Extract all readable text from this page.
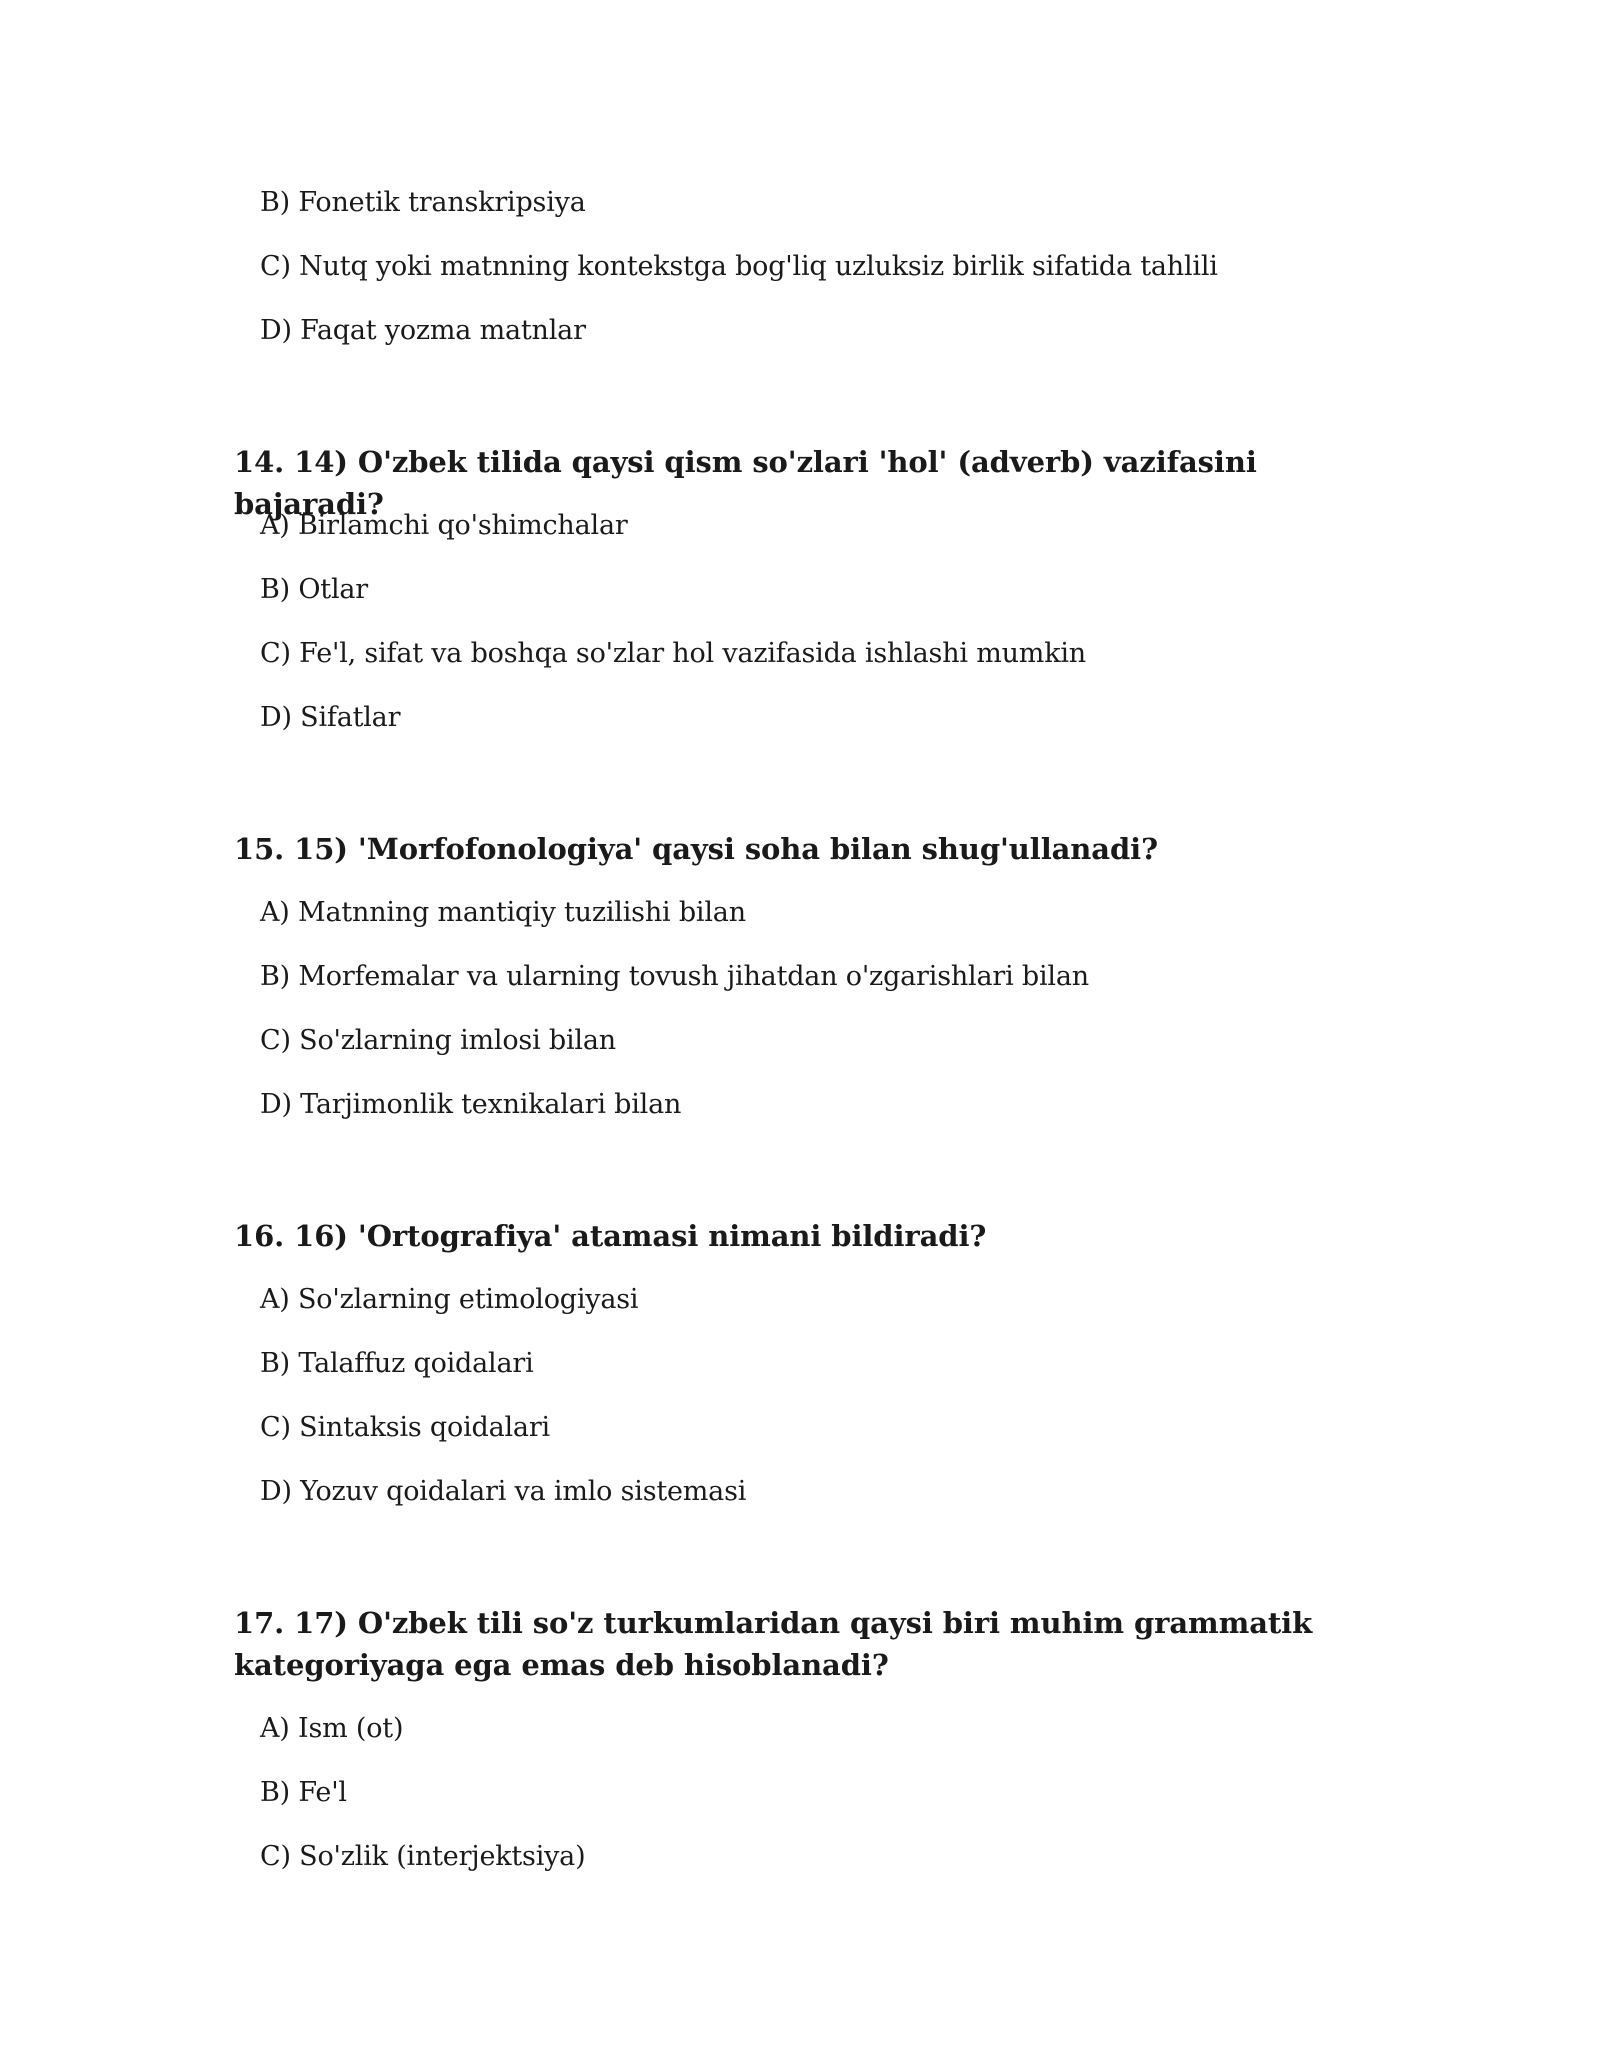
B) Fonetik transkripsiya
C) Nutq yoki matnning kontekstga bog'liq uzluksiz birlik sifatida tahlili
D) Faqat yozma matnlar
14. 14) O'zbek tilida qaysi qism so'zlari 'hol' (adverb) vazifasini bajaradi?
A) Birlamchi qo'shimchalar
B) Otlar
C) Fe'l, sifat va boshqa so'zlar hol vazifasida ishlashi mumkin
D) Sifatlar
15. 15) 'Morfofonologiya' qaysi soha bilan shug'ullanadi?
A) Matnning mantiqiy tuzilishi bilan
B) Morfemalar va ularning tovush jihatdan o'zgarishlari bilan
C) So'zlarning imlosi bilan
D) Tarjimonlik texnikalari bilan
16. 16) 'Ortografiya' atamasi nimani bildiradi?
A) So'zlarning etimologiyasi
B) Talaffuz qoidalari
C) Sintaksis qoidalari
D) Yozuv qoidalari va imlo sistemasi
17. 17) O'zbek tili so'z turkumlaridan qaysi biri muhim grammatik kategoriyaga ega emas deb hisoblanadi?
A) Ism (ot)
B) Fe'l
C) So'zlik (interjektsiya)
